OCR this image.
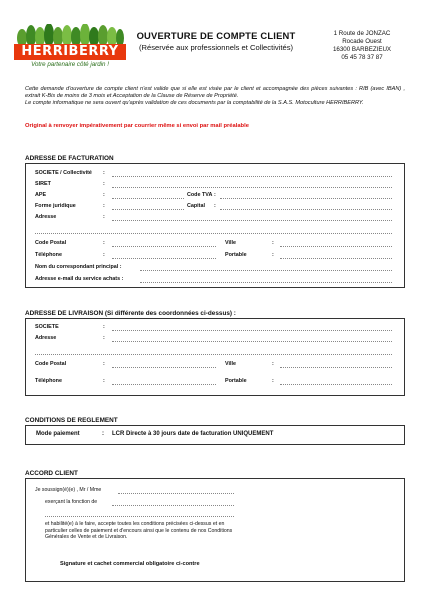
HERRIBERRY
Votre partenaire côté jardin !
OUVERTURE DE COMPTE CLIENT
(Réservée aux professionnels et Collectivités)
1 Route de JONZAC
Rocade Ouest
16300 BARBEZIEUX
05 45 78 37 87
Cette demande d'ouverture de compte client n'est valide que si elle est visée par le client et accompagnée des pièces suivantes : RIB (avec IBAN) , extrait K-Bis de moins de 3 mois et Acceptation de la Clause de Réserve de Propriété.
Le compte informatique ne sera ouvert qu'après validation de ces documents par la comptabilité de la S.A.S. Motoculture HERRIBERRY.
Original à renvoyer impérativement par courrier même si envoi par mail préalable
ADRESSE DE FACTURATION
SOCIETE / Collectivité :
SIRET	:
APE	:	Code TVA :
Forme juridique	:	Capital :
Adresse	:
Code Postal	:	Ville	:
Téléphone	:	Portable	:
Nom du correspondant principal :
Adresse e-mail du service achats :
ADRESSE DE LIVRAISON (Si différente des coordonnées ci-dessus) :
SOCIETE	:
Adresse	:
Code Postal	:	Ville	:
Téléphone	:	Portable	:
CONDITIONS DE REGLEMENT
Mode paiement	: LCR Directe à 30 jours date de facturation UNIQUEMENT
ACCORD CLIENT
Je soussign(é)(e) , Mr / Mme
exerçant la fonction de
et habilité(e) à le faire, accepte toutes les conditions précisées ci-dessus et en particulier celles de paiement et d'encours ainsi que le contenu de nos Conditions Générales de Vente et de Livraison.
Signature et cachet commercial obligatoire ci-contre
